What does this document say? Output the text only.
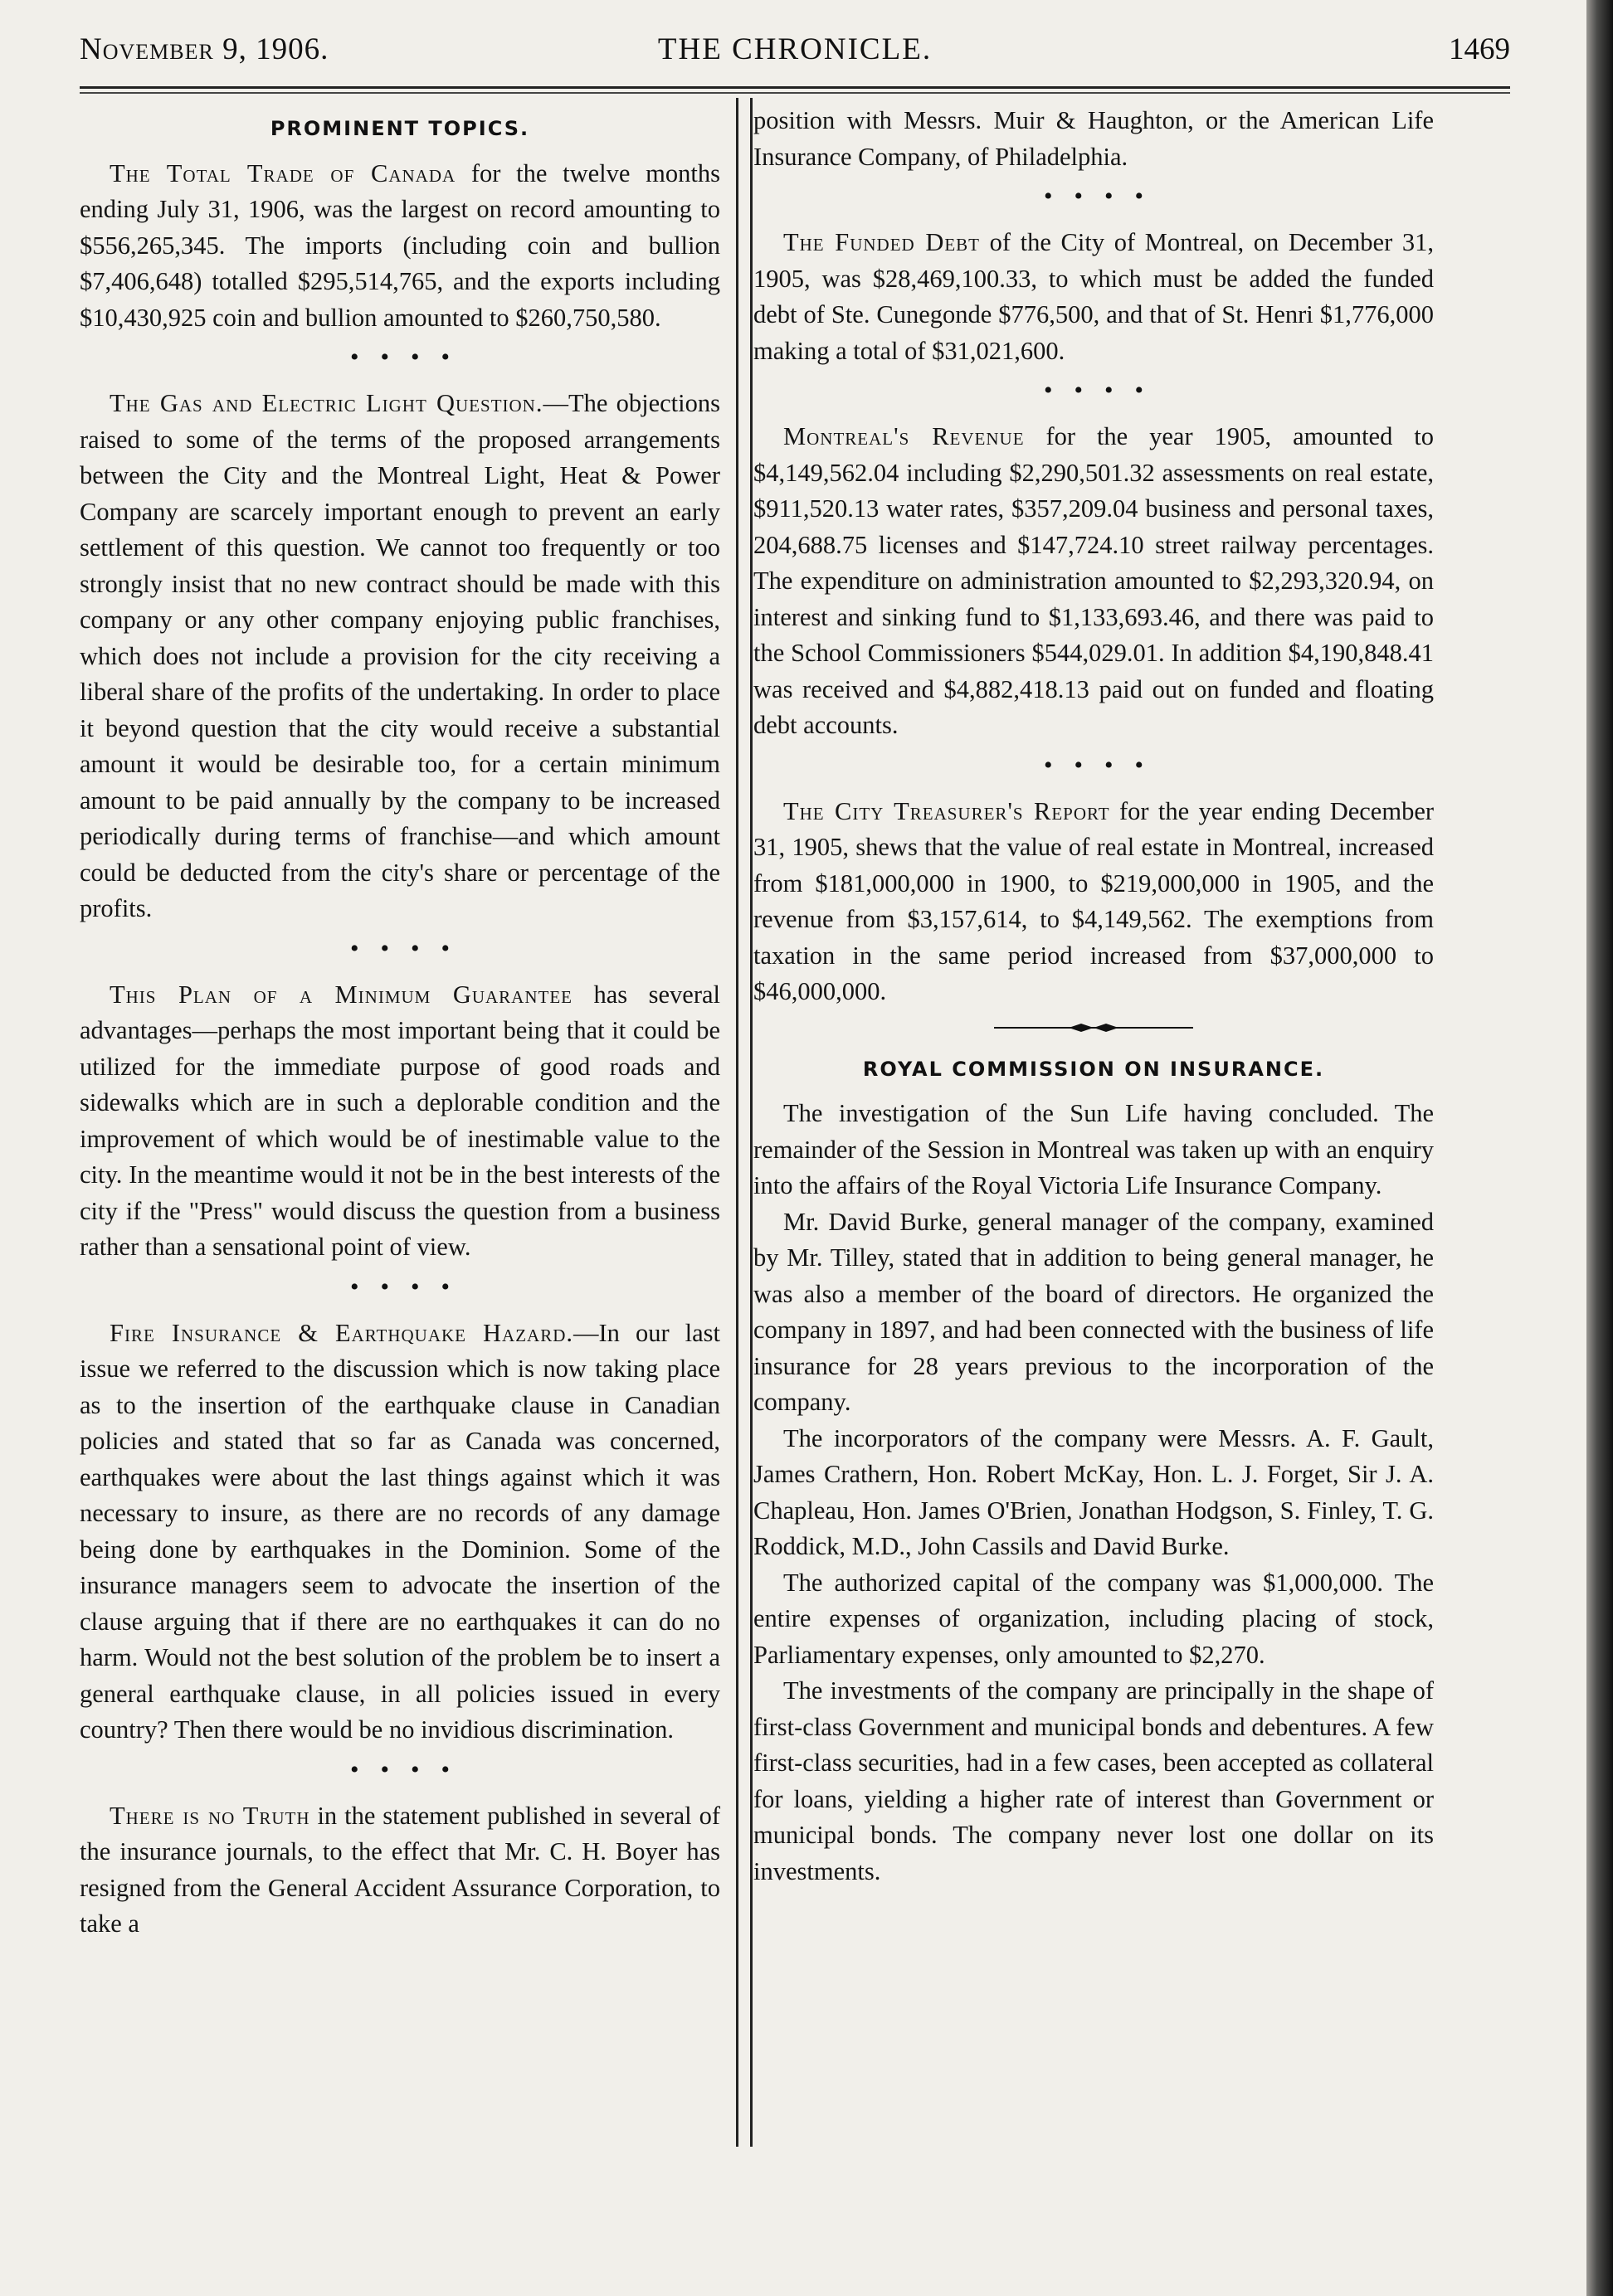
November 9, 1906.	THE CHRONICLE.	1469
PROMINENT TOPICS.

The Total Trade of Canada for the twelve months ending July 31, 1906, was the largest on record amounting to $556,265,345. The imports (including coin and bullion $7,406,648) totalled $295,514,765, and the exports including $10,430,925 coin and bullion amounted to $260,750,580.

••••

The Gas and Electric Light Question.—The objections raised to some of the terms of the proposed arrangements between the City and the Montreal Light, Heat & Power Company are scarcely important enough to prevent an early settlement of this question. We cannot too frequently or too strongly insist that no new contract should be made with this company or any other company enjoying public franchises, which does not include a provision for the city receiving a liberal share of the profits of the undertaking. In order to place it beyond question that the city would receive a substantial amount it would be desirable too, for a certain minimum amount to be paid annually by the company to be increased periodically during terms of franchise—and which amount could be deducted from the city's share or percentage of the profits.

••••

This Plan of a Minimum Guarantee has several advantages—perhaps the most important being that it could be utilized for the immediate purpose of good roads and sidewalks which are in such a deplorable condition and the improvement of which would be of inestimable value to the city. In the meantime would it not be in the best interests of the city if the "Press" would discuss the question from a business rather than a sensational point of view.

••••

Fire Insurance & Earthquake Hazard.—In our last issue we referred to the discussion which is now taking place as to the insertion of the earthquake clause in Canadian policies and stated that so far as Canada was concerned, earthquakes were about the last things against which it was necessary to insure, as there are no records of any damage being done by earthquakes in the Dominion. Some of the insurance managers seem to advocate the insertion of the clause arguing that if there are no earthquakes it can do no harm. Would not the best solution of the problem be to insert a general earthquake clause, in all policies issued in every country? Then there would be no invidious discrimination.

••••

There is no Truth in the statement published in several of the insurance journals, to the effect that Mr. C. H. Boyer has resigned from the General Accident Assurance Corporation, to take a

position with Messrs. Muir & Haughton, or the American Life Insurance Company, of Philadelphia.

••••

The Funded Debt of the City of Montreal, on December 31, 1905, was $28,469,100.33, to which must be added the funded debt of Ste. Cunegonde $776,500, and that of St. Henri $1,776,000 making a total of $31,021,600.

••••

Montreal's Revenue for the year 1905, amounted to $4,149,562.04 including $2,290,501.32 assessments on real estate, $911,520.13 water rates, $357,209.04 business and personal taxes, 204,688.75 licenses and $147,724.10 street railway percentages. The expenditure on administration amounted to $2,293,320.94, on interest and sinking fund to $1,133,693.46, and there was paid to the School Commissioners $544,029.01. In addition $4,190,848.41 was received and $4,882,418.13 paid out on funded and floating debt accounts.

••••

The City Treasurer's Report for the year ending December 31, 1905, shews that the value of real estate in Montreal, increased from $181,000,000 in 1900, to $219,000,000 in 1905, and the revenue from $3,157,614, to $4,149,562. The exemptions from taxation in the same period increased from $37,000,000 to $46,000,000.

ROYAL COMMISSION ON INSURANCE.

The investigation of the Sun Life having concluded. The remainder of the Session in Montreal was taken up with an enquiry into the affairs of the Royal Victoria Life Insurance Company.

Mr. David Burke, general manager of the company, examined by Mr. Tilley, stated that in addition to being general manager, he was also a member of the board of directors. He organized the company in 1897, and had been connected with the business of life insurance for 28 years previous to the incorporation of the company.

The incorporators of the company were Messrs. A. F. Gault, James Crathern, Hon. Robert McKay, Hon. L. J. Forget, Sir J. A. Chapleau, Hon. James O'Brien, Jonathan Hodgson, S. Finley, T. G. Roddick, M.D., John Cassils and David Burke.

The authorized capital of the company was $1,000,000. The entire expenses of organization, including placing of stock, Parliamentary expenses, only amounted to $2,270.

The investments of the company are principally in the shape of first-class Government and municipal bonds and debentures. A few first-class securities, had in a few cases, been accepted as collateral for loans, yielding a higher rate of interest than Government or municipal bonds. The company never lost one dollar on its investments.
